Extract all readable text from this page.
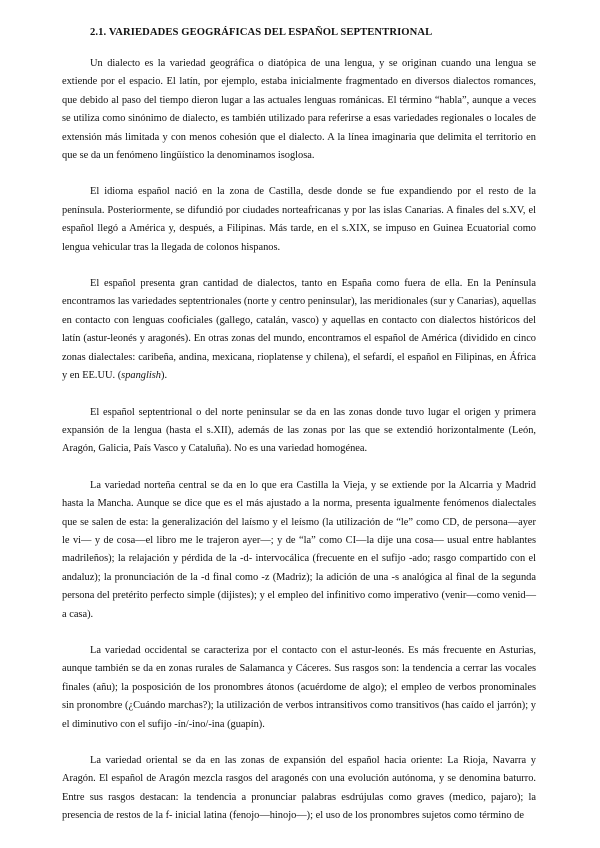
2.1. VARIEDADES GEOGRÁFICAS DEL ESPAÑOL SEPTENTRIONAL

Un dialecto es la variedad geográfica o diatópica de una lengua, y se originan cuando una lengua se extiende por el espacio. El latín, por ejemplo, estaba inicialmente fragmentado en diversos dialectos romances, que debido al paso del tiempo dieron lugar a las actuales lenguas románicas. El término “habla”, aunque a veces se utiliza como sinónimo de dialecto, es también utilizado para referirse a esas variedades regionales o locales de extensión más limitada y con menos cohesión que el dialecto. A la línea imaginaria que delimita el territorio en que se da un fenómeno lingüístico la denominamos isoglosa.

El idioma español nació en la zona de Castilla, desde donde se fue expandiendo por el resto de la península. Posteriormente, se difundió por ciudades norteafricanas y por las islas Canarias. A finales del s.XV, el español llegó a América y, después, a Filipinas. Más tarde, en el s.XIX, se impuso en Guinea Ecuatorial como lengua vehicular tras la llegada de colonos hispanos.

El español presenta gran cantidad de dialectos, tanto en España como fuera de ella. En la Península encontramos las variedades septentrionales (norte y centro peninsular), las meridionales (sur y Canarias), aquellas en contacto con lenguas cooficiales (gallego, catalán, vasco) y aquellas en contacto con dialectos históricos del latín (astur-leonés y aragonés). En otras zonas del mundo, encontramos el español de América (dividido en cinco zonas dialectales: caribeña, andina, mexicana, rioplatense y chilena), el sefardí, el español en Filipinas, en África y en EE.UU. (spanglish).

El español septentrional o del norte peninsular se da en las zonas donde tuvo lugar el origen y primera expansión de la lengua (hasta el s.XII), además de las zonas por las que se extendió horizontalmente (León, Aragón, Galicia, País Vasco y Cataluña). No es una variedad homogénea.

La variedad norteña central se da en lo que era Castilla la Vieja, y se extiende por la Alcarria y Madrid hasta la Mancha. Aunque se dice que es el más ajustado a la norma, presenta igualmente fenómenos dialectales que se salen de esta: la generalización del laísmo y el leísmo (la utilización de “le” como CD, de persona—ayer le vi— y de cosa—el libro me le trajeron ayer—; y de “la” como CI—la dije una cosa— usual entre hablantes madrileños); la relajación y pérdida de la -d- intervocálica (frecuente en el sufijo -ado; rasgo compartido con el andaluz); la pronunciación de la -d final como -z (Madriz); la adición de una -s analógica al final de la segunda persona del pretérito perfecto simple (dijistes); y el empleo del infinitivo como imperativo (venir—como venid— a casa).

La variedad occidental se caracteriza por el contacto con el astur-leonés. Es más frecuente en Asturias, aunque también se da en zonas rurales de Salamanca y Cáceres. Sus rasgos son: la tendencia a cerrar las vocales finales (añu); la posposición de los pronombres átonos (acuérdome de algo); el empleo de verbos pronominales sin pronombre (¿Cuándo marchas?); la utilización de verbos intransitivos como transitivos (has caído el jarrón); y el diminutivo con el sufijo -ín/-ino/-ina (guapín).

La variedad oriental se da en las zonas de expansión del español hacia oriente: La Rioja, Navarra y Aragón. El español de Aragón mezcla rasgos del aragonés con una evolución autónoma, y se denomina baturro. Entre sus rasgos destacan: la tendencia a pronunciar palabras esdrújulas como graves (medico, pajaro); la presencia de restos de la f- inicial latina (fenojo—hinojo—); el uso de los pronombres sujetos como término de
